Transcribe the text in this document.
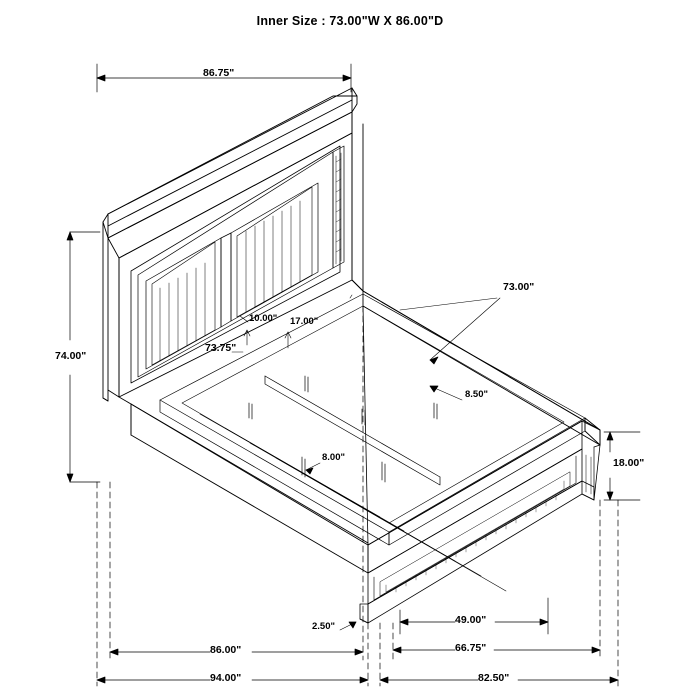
Inner Size : 73.00"W X 86.00"D
86.75"
74.00"
73.75"
10.00" 17.00"
73.00"
8.50"
8.00"	18.00"
2.50"
49.00"
86.00"	66.75"
94.00"	82.50"
